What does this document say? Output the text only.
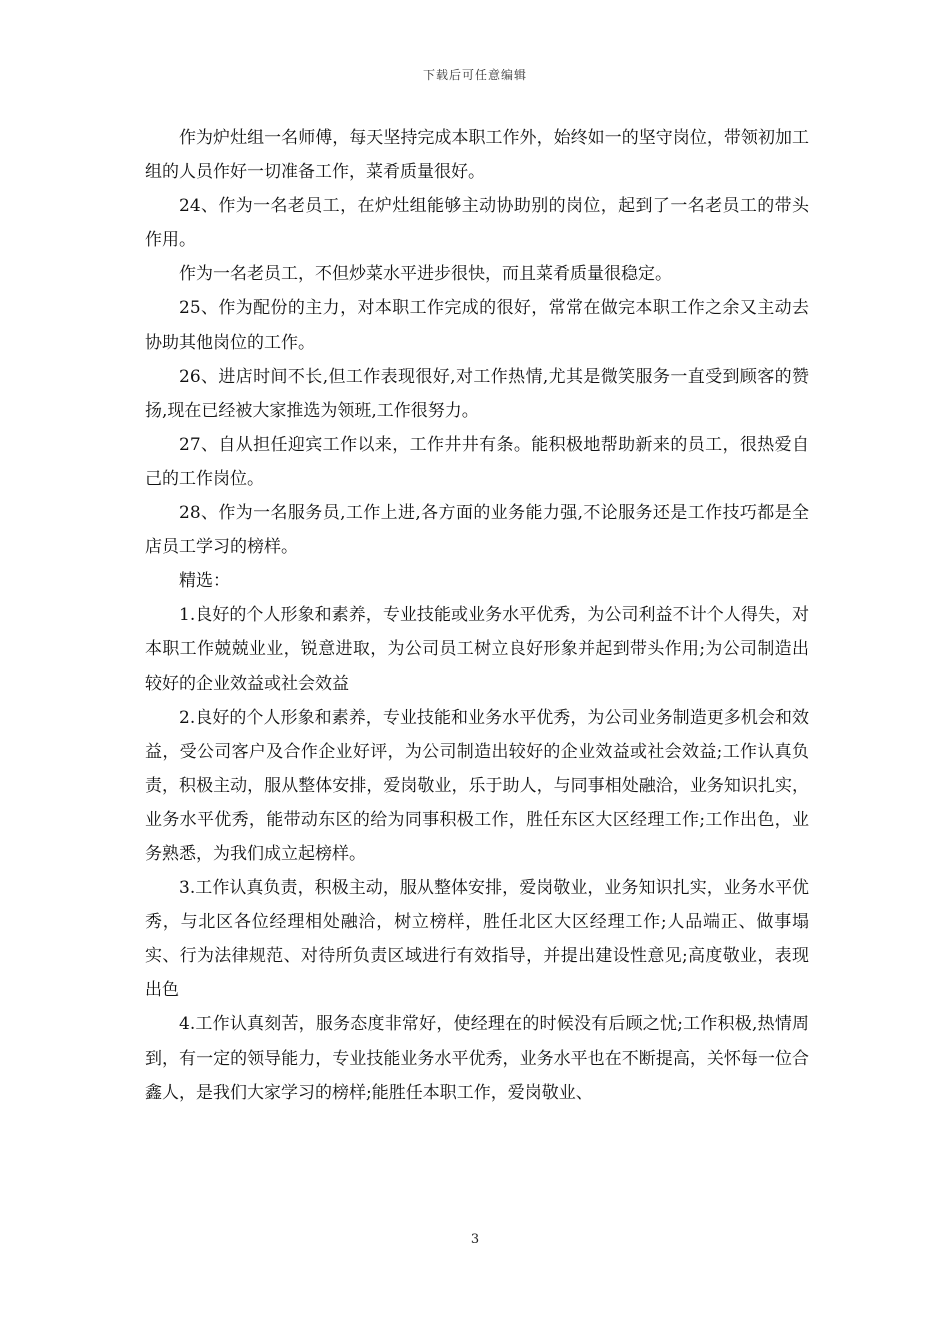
下载后可任意编辑

作为炉灶组一名师傅，每天坚持完成本职工作外，始终如一的坚守岗位，带领初加工组的人员作好一切准备工作，菜肴质量很好。

24、作为一名老员工，在炉灶组能够主动协助别的岗位，起到了一名老员工的带头作用。

作为一名老员工，不但炒菜水平进步很快，而且菜肴质量很稳定。

25、作为配份的主力，对本职工作完成的很好，常常在做完本职工作之余又主动去协助其他岗位的工作。

26、进店时间不长,但工作表现很好,对工作热情,尤其是微笑服务一直受到顾客的赞扬,现在已经被大家推选为领班,工作很努力。

27、自从担任迎宾工作以来，工作井井有条。能积极地帮助新来的员工，很热爱自己的工作岗位。

28、作为一名服务员,工作上进,各方面的业务能力强,不论服务还是工作技巧都是全店员工学习的榜样。

精选：

1.良好的个人形象和素养，专业技能或业务水平优秀，为公司利益不计个人得失，对本职工作兢兢业业，锐意进取，为公司员工树立良好形象并起到带头作用;为公司制造出较好的企业效益或社会效益

2.良好的个人形象和素养，专业技能和业务水平优秀，为公司业务制造更多机会和效益，受公司客户及合作企业好评，为公司制造出较好的企业效益或社会效益;工作认真负责，积极主动，服从整体安排，爱岗敬业，乐于助人，与同事相处融洽，业务知识扎实，业务水平优秀，能带动东区的给为同事积极工作，胜任东区大区经理工作;工作出色，业务熟悉，为我们成立起榜样。

3.工作认真负责，积极主动，服从整体安排，爱岗敬业，业务知识扎实，业务水平优秀，与北区各位经理相处融洽，树立榜样，胜任北区大区经理工作;人品端正、做事塌实、行为法律规范、对待所负责区域进行有效指导，并提出建设性意见;高度敬业，表现出色

4.工作认真刻苦，服务态度非常好，使经理在的时候没有后顾之忧;工作积极,热情周到，有一定的领导能力，专业技能业务水平优秀，业务水平也在不断提高，关怀每一位合鑫人，是我们大家学习的榜样;能胜任本职工作，爱岗敬业、

3
